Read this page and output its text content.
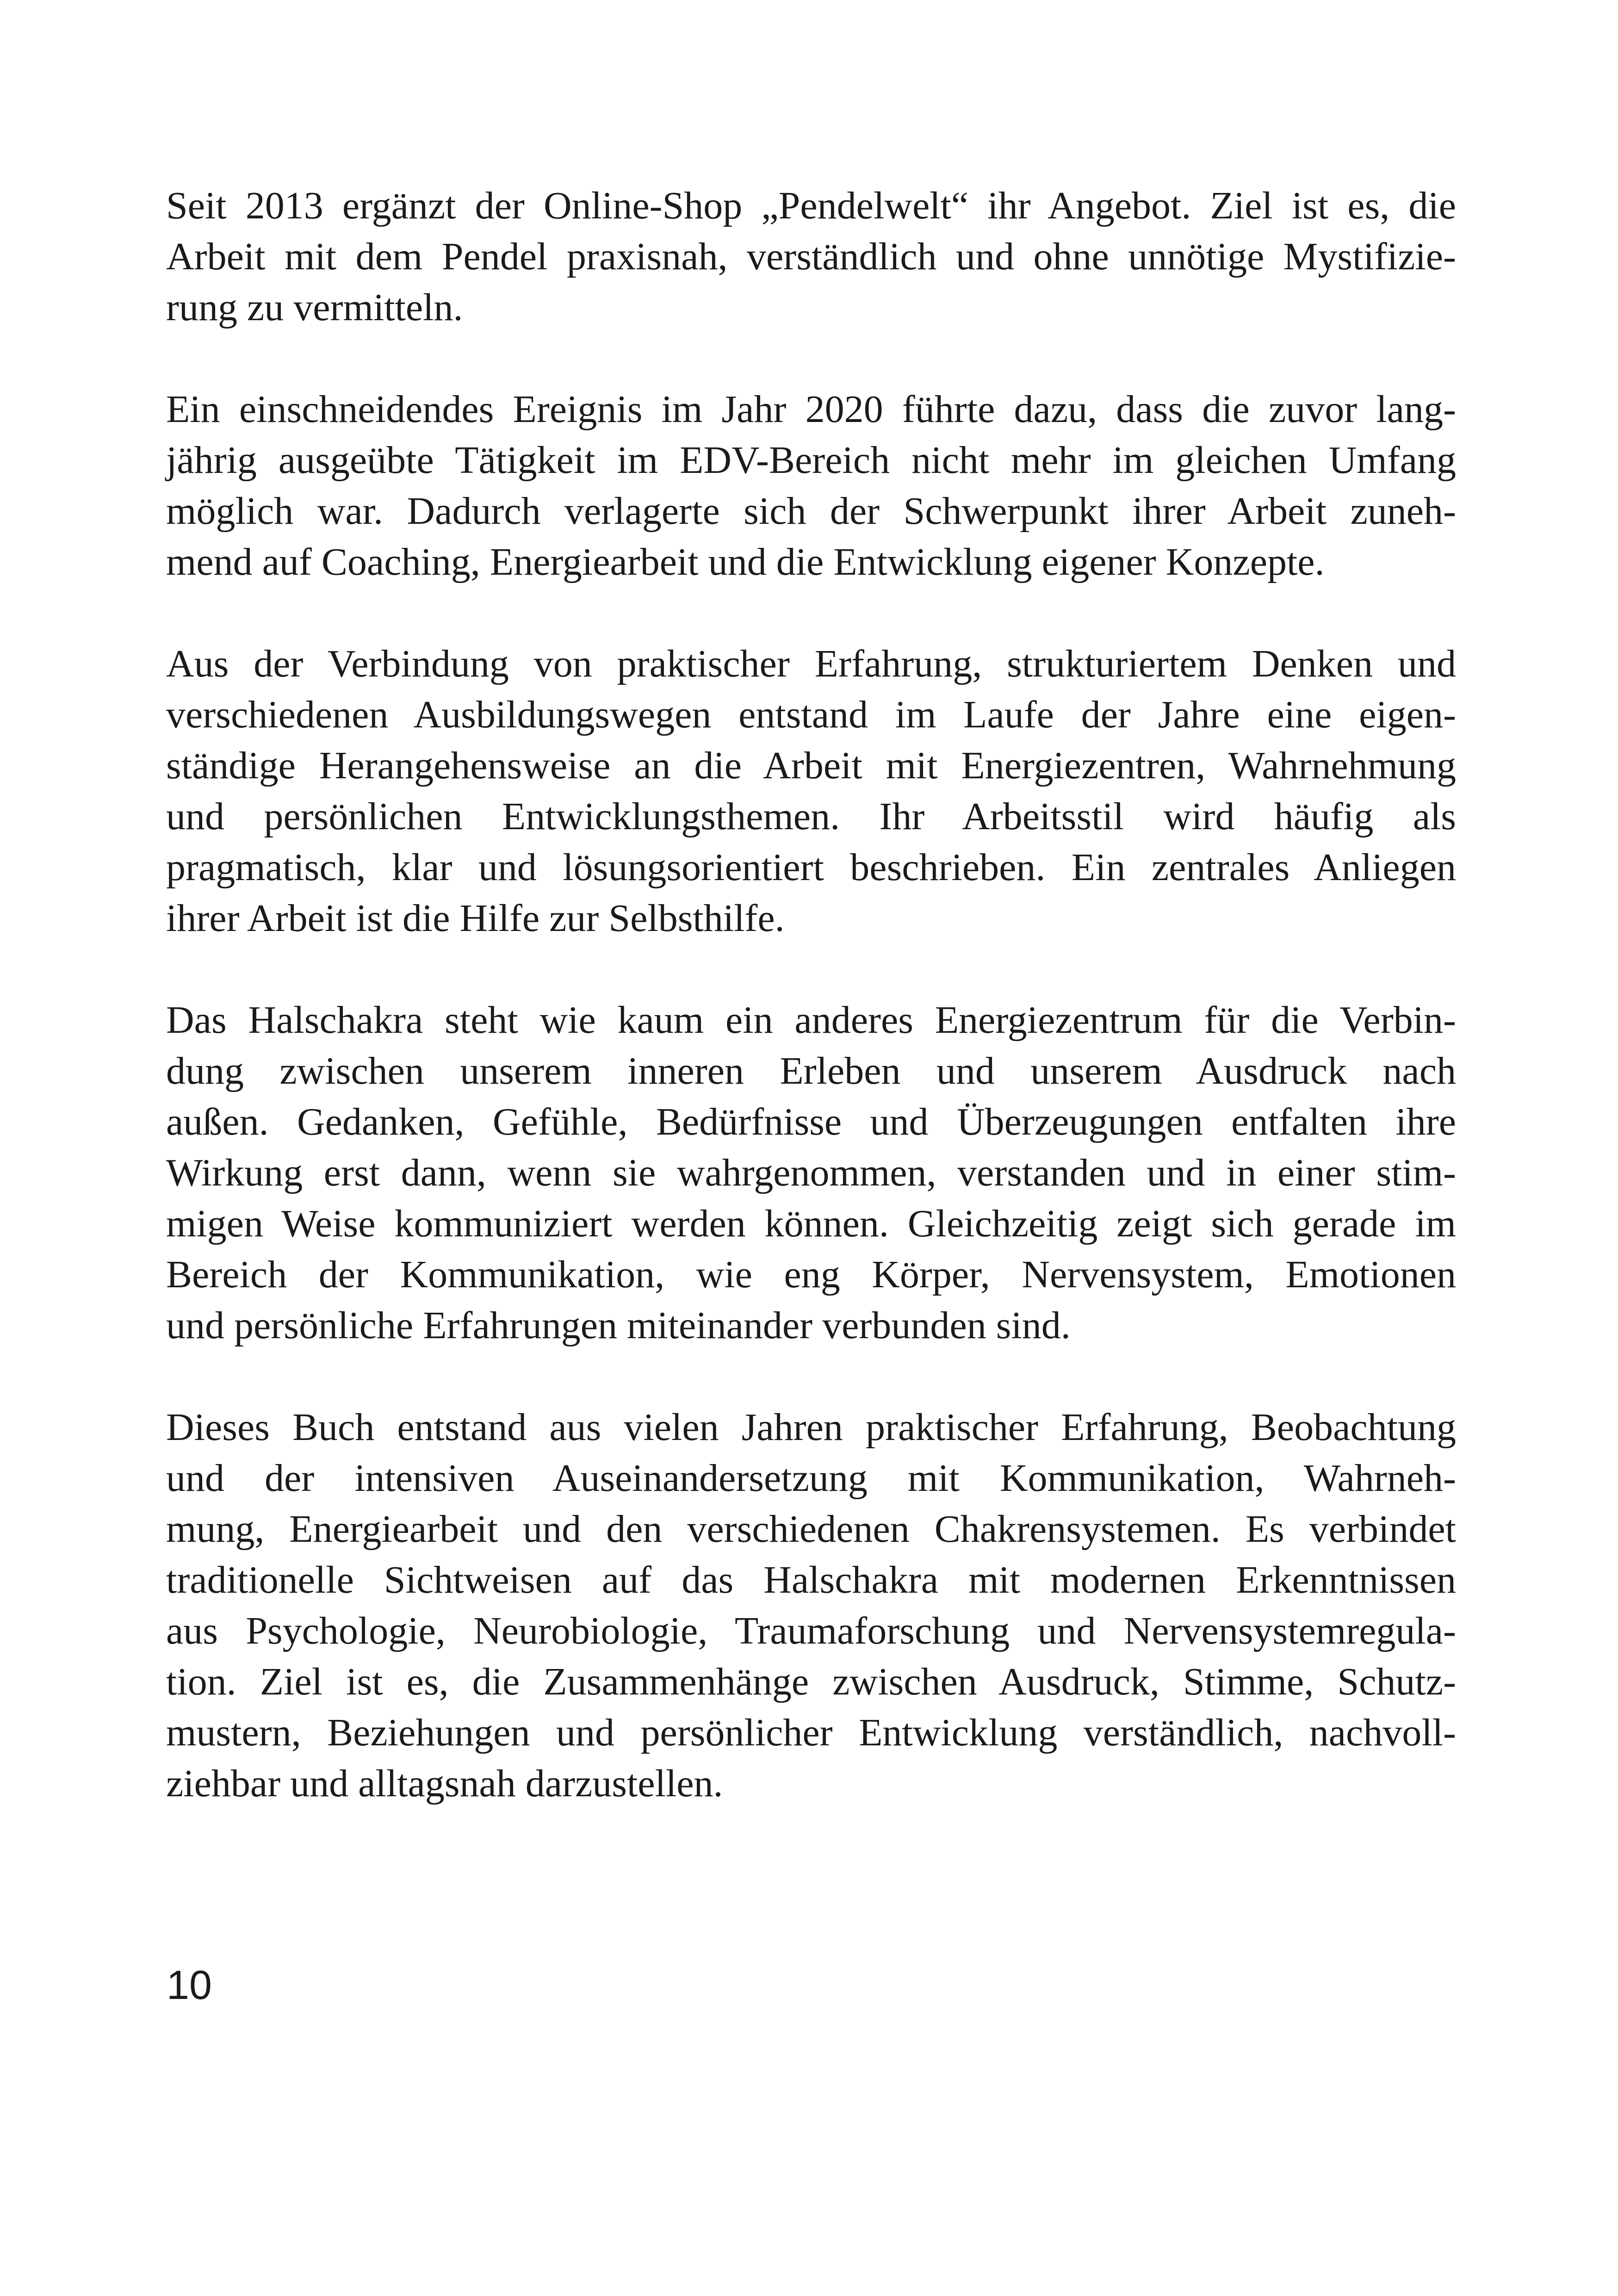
Seit 2013 ergänzt der Online-Shop „Pendelwelt“ ihr Angebot. Ziel ist es, die
Arbeit mit dem Pendel praxisnah, verständlich und ohne unnötige Mystifizie-
rung zu vermitteln.
Ein einschneidendes Ereignis im Jahr 2020 führte dazu, dass die zuvor lang-
jährig ausgeübte Tätigkeit im EDV-Bereich nicht mehr im gleichen Umfang
möglich war. Dadurch verlagerte sich der Schwerpunkt ihrer Arbeit zuneh-
mend auf Coaching, Energiearbeit und die Entwicklung eigener Konzepte.
Aus der Verbindung von praktischer Erfahrung, strukturiertem Denken und
verschiedenen Ausbildungswegen entstand im Laufe der Jahre eine eigen-
ständige Herangehensweise an die Arbeit mit Energiezentren, Wahrnehmung
und persönlichen Entwicklungsthemen. Ihr Arbeitsstil wird häufig als
pragmatisch, klar und lösungsorientiert beschrieben. Ein zentrales Anliegen
ihrer Arbeit ist die Hilfe zur Selbsthilfe.
Das Halschakra steht wie kaum ein anderes Energiezentrum für die Verbin-
dung zwischen unserem inneren Erleben und unserem Ausdruck nach
außen. Gedanken, Gefühle, Bedürfnisse und Überzeugungen entfalten ihre
Wirkung erst dann, wenn sie wahrgenommen, verstanden und in einer stim-
migen Weise kommuniziert werden können. Gleichzeitig zeigt sich gerade im
Bereich der Kommunikation, wie eng Körper, Nervensystem, Emotionen
und persönliche Erfahrungen miteinander verbunden sind.
Dieses Buch entstand aus vielen Jahren praktischer Erfahrung, Beobachtung
und der intensiven Auseinandersetzung mit Kommunikation, Wahrneh-
mung, Energiearbeit und den verschiedenen Chakrensystemen. Es verbindet
traditionelle Sichtweisen auf das Halschakra mit modernen Erkenntnissen
aus Psychologie, Neurobiologie, Traumaforschung und Nervensystemregula-
tion. Ziel ist es, die Zusammenhänge zwischen Ausdruck, Stimme, Schutz-
mustern, Beziehungen und persönlicher Entwicklung verständlich, nachvoll-
ziehbar und alltagsnah darzustellen.
10
